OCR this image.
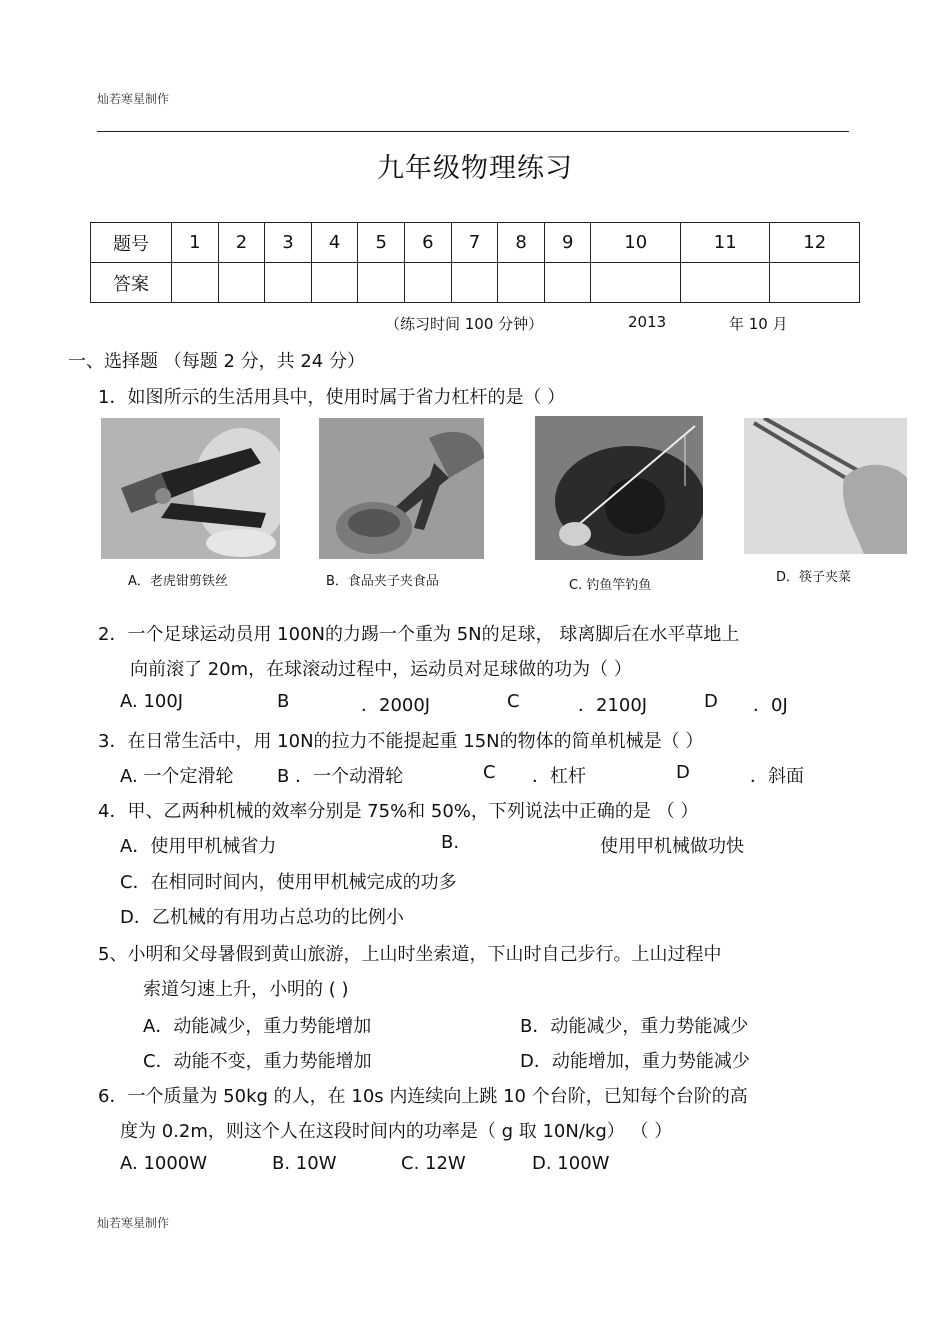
灿若寒星制作
九年级物理练习
题号	1	2	3	4	5	6	7	8	9	10	11	12
答案												
（练习时间 100 分钟）	2013	年 10 月
一、选择题 （每题 2 分，共 24 分）
1．如图所示的生活用具中，使用时属于省力杠杆的是（ ）
A．老虎钳剪铁丝	B．食品夹子夹食品	C. 钓鱼竿钓鱼
D．筷子夹菜
2．一个足球运动员用 100N的力踢一个重为 5N的足球， 球离脚后在水平草地上
向前滚了 20m，在球滚动过程中，运动员对足球做的功为（ ）
A. 100J	B	．2000J	C	．2100J	D ．0J
3．在日常生活中，用 10N的拉力不能提起重 15N的物体的简单机械是（ ）
A. 一个定滑轮 B ．一个动滑轮	C ．杠杆	D	．斜面
4．甲、乙两种机械的效率分别是 75%和 50%，下列说法中正确的是 （ ）
A．使用甲机械省力	B.	使用甲机械做功快
C．在相同时间内，使用甲机械完成的功多
D．乙机械的有用功占总功的比例小
5、小明和父母暑假到黄山旅游，上山时坐索道，下山时自己步行。上山过程中
索道匀速上升，小明的 ( )
A．动能减少，重力势能增加	B．动能减少，重力势能减少
C．动能不变，重力势能增加	D．动能增加，重力势能减少
6．一个质量为 50kg 的人，在 10s 内连续向上跳 10 个台阶，已知每个台阶的高
度为 0.2m，则这个人在这段时间内的功率是（ g 取 10N/kg） （ ）
A. 1000W	B. 10W	C. 12W	D. 100W
灿若寒星制作
